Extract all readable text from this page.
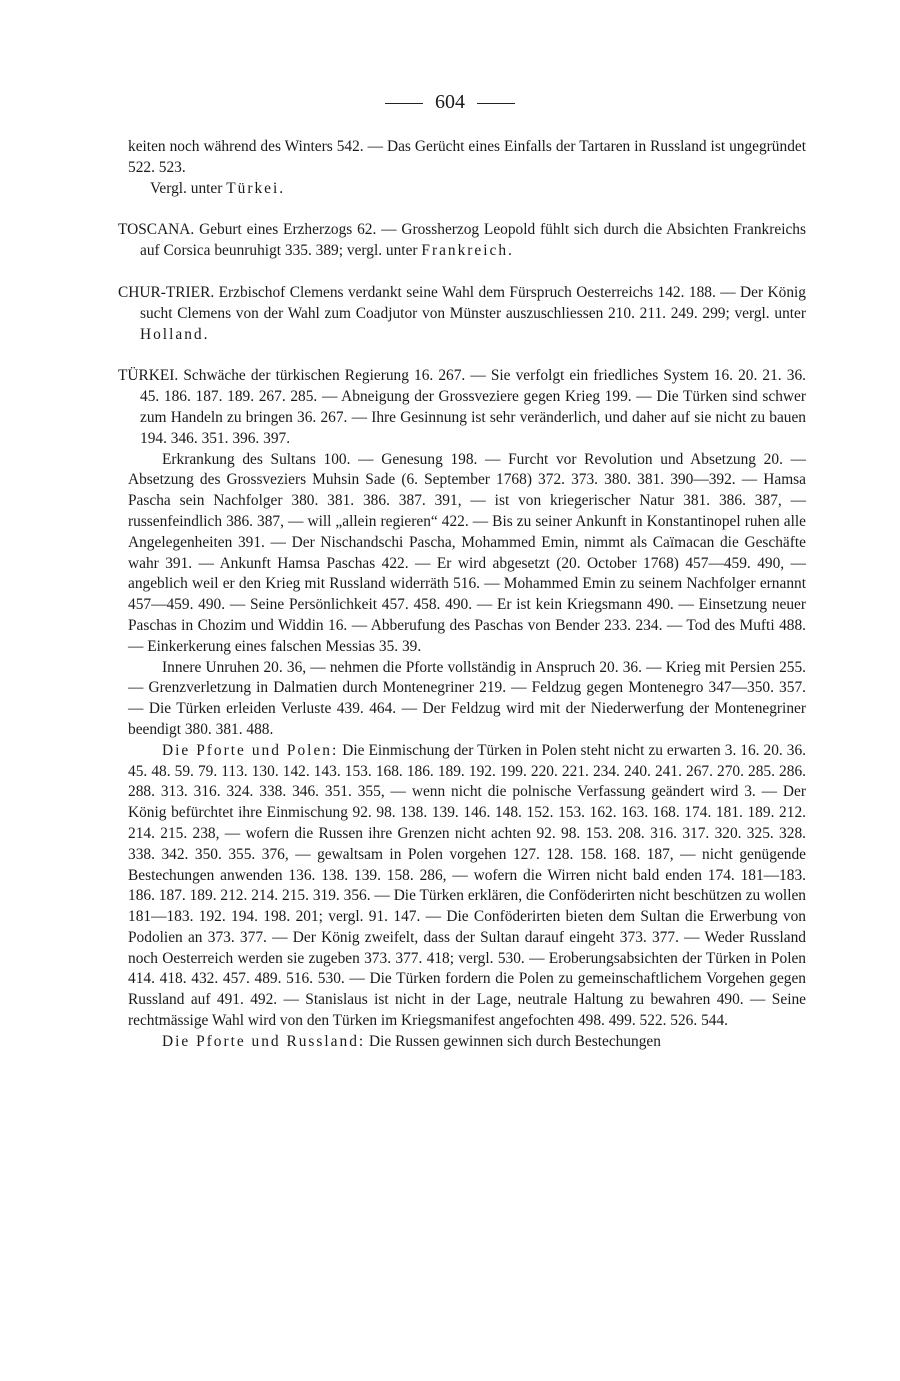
604

keiten noch während des Winters 542. — Das Gerücht eines Einfalls der Tartaren in Russland ist ungegründet 522. 523.

Vergl. unter Türkei.

TOSCANA. Geburt eines Erzherzogs 62. — Grossherzog Leopold fühlt sich durch die Absichten Frankreichs auf Corsica beunruhigt 335. 389; vergl. unter Frankreich.

CHUR-TRIER. Erzbischof Clemens verdankt seine Wahl dem Fürspruch Oesterreichs 142. 188. — Der König sucht Clemens von der Wahl zum Coadjutor von Münster auszuschliessen 210. 211. 249. 299; vergl. unter Holland.

TÜRKEI. Schwäche der türkischen Regierung 16. 267. — Sie verfolgt ein friedliches System 16. 20. 21. 36. 45. 186. 187. 189. 267. 285. — Abneigung der Grossveziere gegen Krieg 199. — Die Türken sind schwer zum Handeln zu bringen 36. 267. — Ihre Gesinnung ist sehr veränderlich, und daher auf sie nicht zu bauen 194. 346. 351. 396. 397.

Erkrankung des Sultans 100. — Genesung 198. — Furcht vor Revolution und Absetzung 20. — Absetzung des Grossveziers Muhsin Sade (6. September 1768) 372. 373. 380. 381. 390—392. — Hamsa Pascha sein Nachfolger 380. 381. 386. 387. 391, — ist von kriegerischer Natur 381. 386. 387, — russenfeindlich 386. 387, — will „allein regieren“ 422. — Bis zu seiner Ankunft in Konstantinopel ruhen alle Angelegenheiten 391. — Der Nischandschi Pascha, Mohammed Emin, nimmt als Caïmacan die Geschäfte wahr 391. — Ankunft Hamsa Paschas 422. — Er wird abgesetzt (20. October 1768) 457—459. 490, — angeblich weil er den Krieg mit Russland widerräth 516. — Mohammed Emin zu seinem Nachfolger ernannt 457—459. 490. — Seine Persönlichkeit 457. 458. 490. — Er ist kein Kriegsmann 490. — Einsetzung neuer Paschas in Chozim und Widdin 16. — Abberufung des Paschas von Bender 233. 234. — Tod des Mufti 488. — Einkerkerung eines falschen Messias 35. 39.

Innere Unruhen 20. 36, — nehmen die Pforte vollständig in Anspruch 20. 36. — Krieg mit Persien 255. — Grenzverletzung in Dalmatien durch Montenegriner 219. — Feldzug gegen Montenegro 347—350. 357. — Die Türken erleiden Verluste 439. 464. — Der Feldzug wird mit der Niederwerfung der Montenegriner beendigt 380. 381. 488.

Die Pforte und Polen: Die Einmischung der Türken in Polen steht nicht zu erwarten 3. 16. 20. 36. 45. 48. 59. 79. 113. 130. 142. 143. 153. 168. 186. 189. 192. 199. 220. 221. 234. 240. 241. 267. 270. 285. 286. 288. 313. 316. 324. 338. 346. 351. 355, — wenn nicht die polnische Verfassung geändert wird 3. — Der König befürchtet ihre Einmischung 92. 98. 138. 139. 146. 148. 152. 153. 162. 163. 168. 174. 181. 189. 212. 214. 215. 238, — wofern die Russen ihre Grenzen nicht achten 92. 98. 153. 208. 316. 317. 320. 325. 328. 338. 342. 350. 355. 376, — gewaltsam in Polen vorgehen 127. 128. 158. 168. 187, — nicht genügende Bestechungen anwenden 136. 138. 139. 158. 286, — wofern die Wirren nicht bald enden 174. 181—183. 186. 187. 189. 212. 214. 215. 319. 356. — Die Türken erklären, die Conföderirten nicht beschützen zu wollen 181—183. 192. 194. 198. 201; vergl. 91. 147. — Die Conföderirten bieten dem Sultan die Erwerbung von Podolien an 373. 377. — Der König zweifelt, dass der Sultan darauf eingeht 373. 377. — Weder Russland noch Oesterreich werden sie zugeben 373. 377. 418; vergl. 530. — Eroberungsabsichten der Türken in Polen 414. 418. 432. 457. 489. 516. 530. — Die Türken fordern die Polen zu gemeinschaftlichem Vorgehen gegen Russland auf 491. 492. — Stanislaus ist nicht in der Lage, neutrale Haltung zu bewahren 490. — Seine rechtmässige Wahl wird von den Türken im Kriegsmanifest angefochten 498. 499. 522. 526. 544.

Die Pforte und Russland: Die Russen gewinnen sich durch Bestechungen
